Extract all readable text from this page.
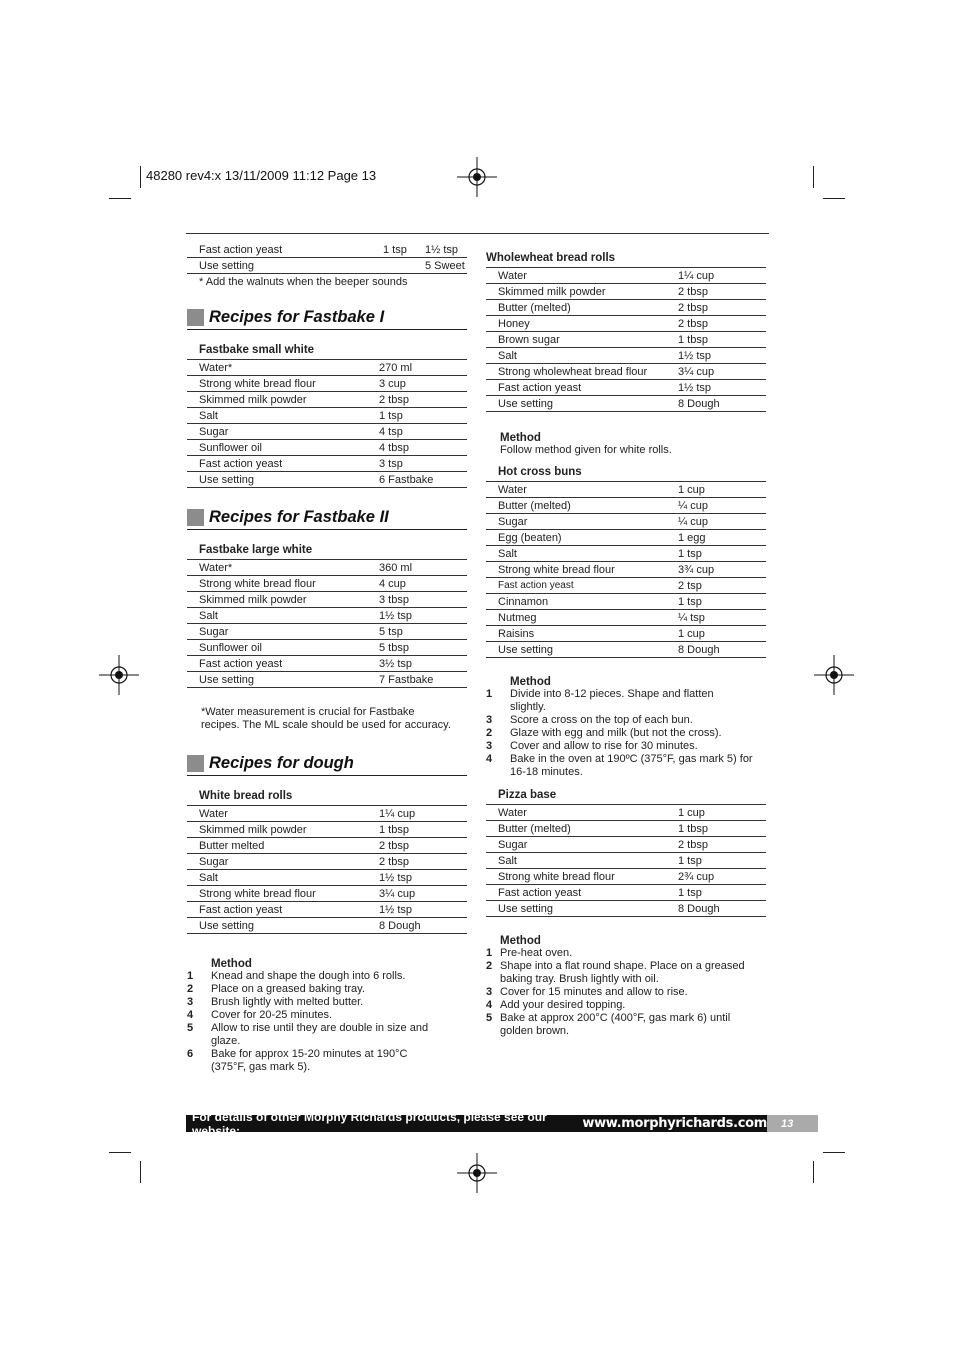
48280 rev4:x 13/11/2009 11:12 Page 13
Fast action yeast	1 tsp	1½ tsp
Use setting		5 Sweet
* Add the walnuts when the beeper sounds
Recipes for Fastbake I
Fastbake small white
Water*	270 ml
Strong white bread flour	3 cup
Skimmed milk powder	2 tbsp
Salt	1 tsp
Sugar	4 tsp
Sunflower oil	4 tbsp
Fast action yeast	3 tsp
Use setting	6 Fastbake
Recipes for Fastbake II
Fastbake large white
Water*	360 ml
Strong white bread flour	4 cup
Skimmed milk powder	3 tbsp
Salt	1½ tsp
Sugar	5 tsp
Sunflower oil	5 tbsp
Fast action yeast	3½ tsp
Use setting	7 Fastbake
*Water measurement is crucial for Fastbake recipes. The ML scale should be used for accuracy.
Recipes for dough
White bread rolls
Water	1¼ cup
Skimmed milk powder	1 tbsp
Butter melted	2 tbsp
Sugar	2 tbsp
Salt	1½ tsp
Strong white bread flour	3¼ cup
Fast action yeast	1½ tsp
Use setting	8 Dough
Method
1	Knead and shape the dough into 6 rolls.
2	Place on a greased baking tray.
3	Brush lightly with melted butter.
4	Cover for 20-25 minutes.
5	Allow to rise until they are double in size and glaze.
6	Bake for approx 15-20 minutes at 190°C (375°F, gas mark 5).
Wholewheat bread rolls
Water	1¼ cup
Skimmed milk powder	2 tbsp
Butter (melted)	2 tbsp
Honey	2 tbsp
Brown sugar	1 tbsp
Salt	1½ tsp
Strong wholewheat bread flour	3¼ cup
Fast action yeast	1½ tsp
Use setting	8 Dough
Method
Follow method given for white rolls.
Hot cross buns
Water	1 cup
Butter (melted)	¼ cup
Sugar	¼ cup
Egg (beaten)	1 egg
Salt	1 tsp
Strong white bread flour	3¾ cup
Fast action yeast	2 tsp
Cinnamon	1 tsp
Nutmeg	¼ tsp
Raisins	1 cup
Use setting	8 Dough
Method
1	Divide into 8-12 pieces. Shape and flatten slightly.
3	Score a cross on the top of each bun.
2	Glaze with egg and milk (but not the cross).
3	Cover and allow to rise for 30 minutes.
4	Bake in the oven at 190ºC (375°F, gas mark 5) for 16-18 minutes.
Pizza base
Water	1 cup
Butter (melted)	1 tbsp
Sugar	2 tbsp
Salt	1 tsp
Strong white bread flour	2¾ cup
Fast action yeast	1 tsp
Use setting	8 Dough
Method
1 Pre-heat oven.
2 Shape into a flat round shape. Place on a greased baking tray. Brush lightly with oil.
3 Cover for 15 minutes and allow to rise.
4 Add your desired topping.
5 Bake at approx 200°C (400°F, gas mark 6) until golden brown.
For details of other Morphy Richards products, please see our website:	www.morphyrichards.com	13
